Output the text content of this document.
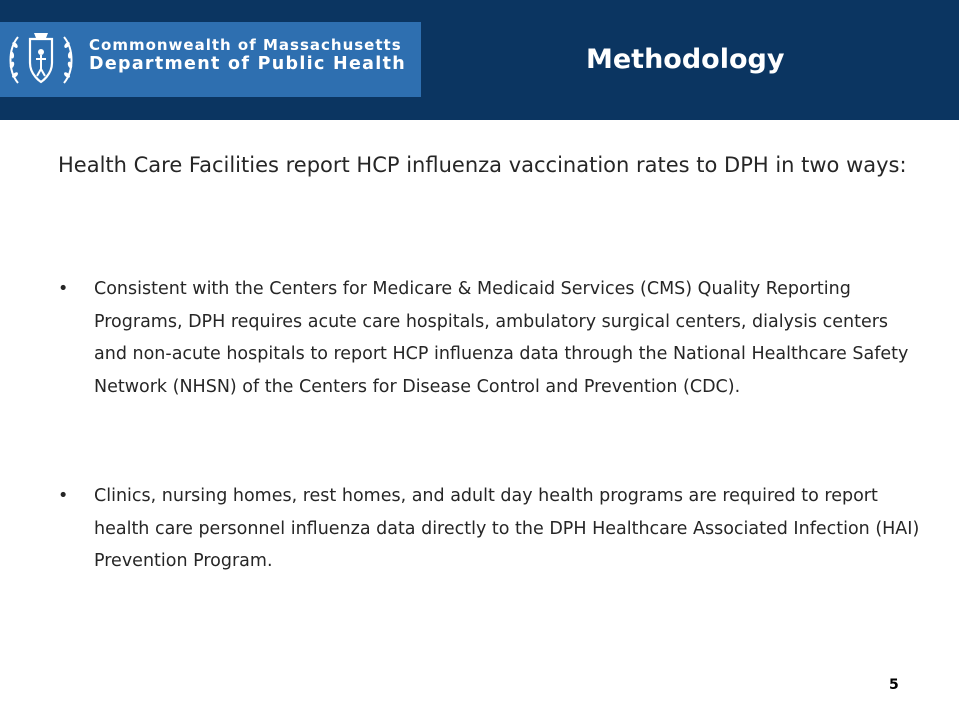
Commonwealth of Massachusetts
Department of Public Health	Methodology

Health Care Facilities report HCP influenza vaccination rates to DPH in two ways:

• Consistent with the Centers for Medicare & Medicaid Services (CMS) Quality Reporting Programs, DPH requires acute care hospitals, ambulatory surgical centers, dialysis centers and non-acute hospitals to report HCP influenza data through the National Healthcare Safety Network (NHSN) of the Centers for Disease Control and Prevention (CDC).
• Clinics, nursing homes, rest homes, and adult day health programs are required to report health care personnel influenza data directly to the DPH Healthcare Associated Infection (HAI) Prevention Program.
5
